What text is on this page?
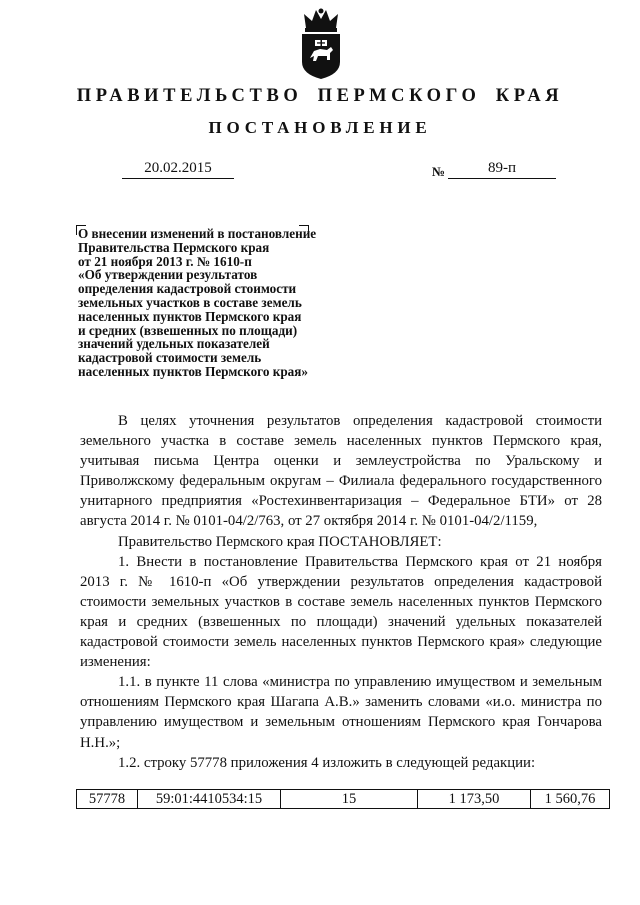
ПРАВИТЕЛЬСТВО ПЕРМСКОГО КРАЯ
ПОСТАНОВЛЕНИЕ
20.02.2015	№	89-п
О внесении изменений в постановление
Правительства Пермского края
от 21 ноября 2013 г. № 1610-п
«Об утверждении результатов
определения кадастровой стоимости
земельных участков в составе земель
населенных пунктов Пермского края
и средних (взвешенных по площади)
значений удельных показателей
кадастровой стоимости земель
населенных пунктов Пермского края»

В целях уточнения результатов определения кадастровой стоимости земельного участка в составе земель населенных пунктов Пермского края, учитывая письма Центра оценки и землеустройства по Уральскому и Приволжскому федеральным округам – Филиала федерального государственного унитарного предприятия «Ростехинвентаризация – Федеральное БТИ» от 28 августа 2014 г. № 0101-04/2/763, от 27 октября 2014 г. № 0101-04/2/1159,

Правительство Пермского края ПОСТАНОВЛЯЕТ:

1. Внести в постановление Правительства Пермского края от 21 ноября 2013 г. № 1610-п «Об утверждении результатов определения кадастровой стоимости земельных участков в составе земель населенных пунктов Пермского края и средних (взвешенных по площади) значений удельных показателей кадастровой стоимости земель населенных пунктов Пермского края» следующие изменения:

1.1. в пункте 11 слова «министра по управлению имуществом и земельным отношениям Пермского края Шагапа А.В.» заменить словами «и.о. министра по управлению имуществом и земельным отношениям Пермского края Гончарова Н.Н.»;

1.2. строку 57778 приложения 4 изложить в следующей редакции:

57778	59:01:4410534:15	15	1 173,50	1 560,76
